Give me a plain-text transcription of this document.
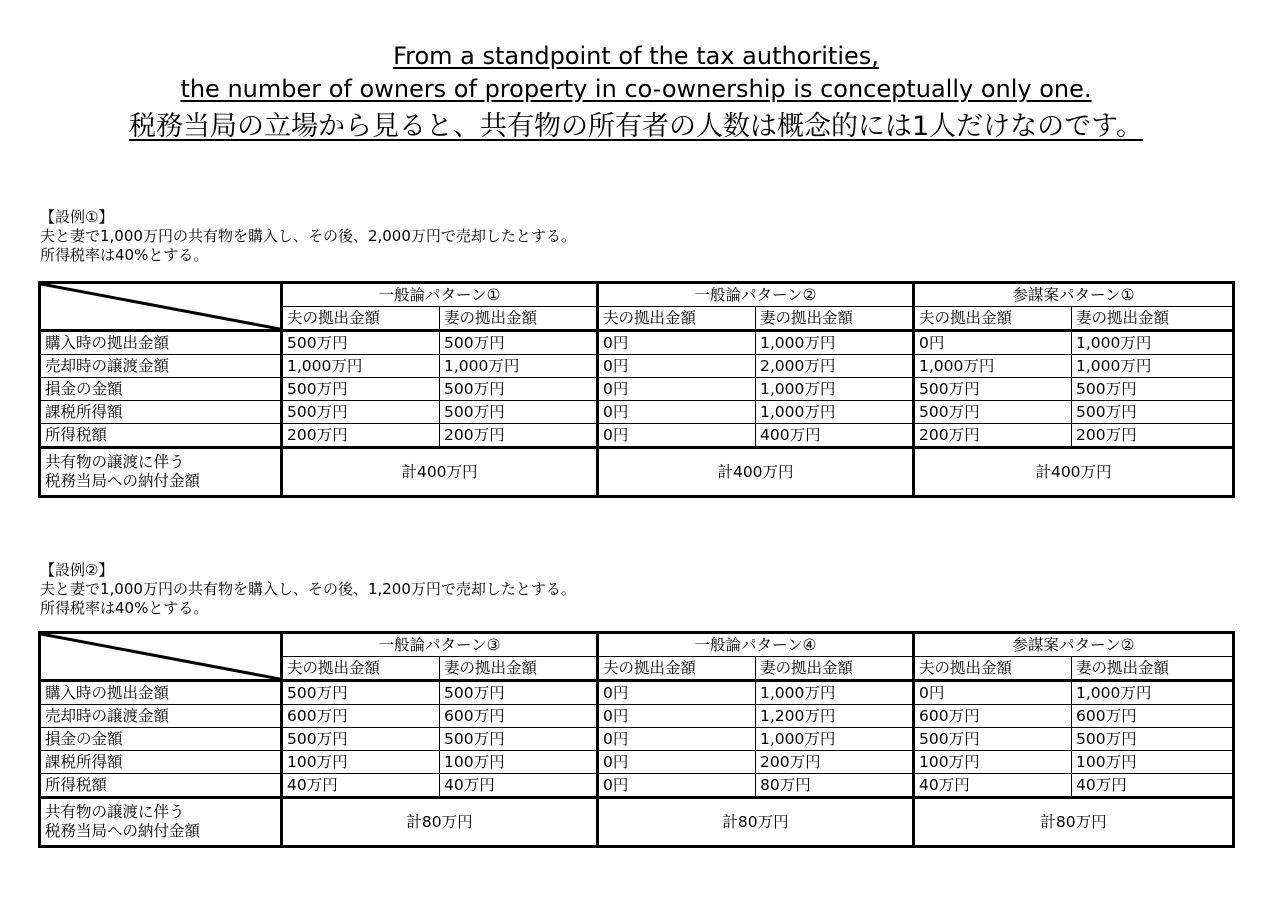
From a standpoint of the tax authorities,
the number of owners of property in co-ownership is conceptually only one.
税務当局の立場から見ると、共有物の所有者の人数は概念的には1人だけなのです。

【設例①】

夫と妻で1,000万円の共有物を購入し、その後、2,000万円で売却したとする。

所得税率は40%とする。

	一般論パターン①		一般論パターン②		参謀案パターン①	
	夫の拠出金額	妻の拠出金額	夫の拠出金額	妻の拠出金額	夫の拠出金額	妻の拠出金額
購入時の拠出金額	500万円	500万円	0円	1,000万円	0円	1,000万円
売却時の譲渡金額	1,000万円	1,000万円	0円	2,000万円	1,000万円	1,000万円
損金の金額	500万円	500万円	0円	1,000万円	500万円	500万円
課税所得額	500万円	500万円	0円	1,000万円	500万円	500万円
所得税額	200万円	200万円	0円	400万円	200万円	200万円
共有物の譲渡に伴う
税務当局への納付金額	計400万円		計400万円		計400万円	

【設例②】

夫と妻で1,000万円の共有物を購入し、その後、1,200万円で売却したとする。

所得税率は40%とする。

	一般論パターン③		一般論パターン④		参謀案パターン②	
	夫の拠出金額	妻の拠出金額	夫の拠出金額	妻の拠出金額	夫の拠出金額	妻の拠出金額
購入時の拠出金額	500万円	500万円	0円	1,000万円	0円	1,000万円
売却時の譲渡金額	600万円	600万円	0円	1,200万円	600万円	600万円
損金の金額	500万円	500万円	0円	1,000万円	500万円	500万円
課税所得額	100万円	100万円	0円	200万円	100万円	100万円
所得税額	40万円	40万円	0円	80万円	40万円	40万円
共有物の譲渡に伴う
税務当局への納付金額	計80万円		計80万円		計80万円	
